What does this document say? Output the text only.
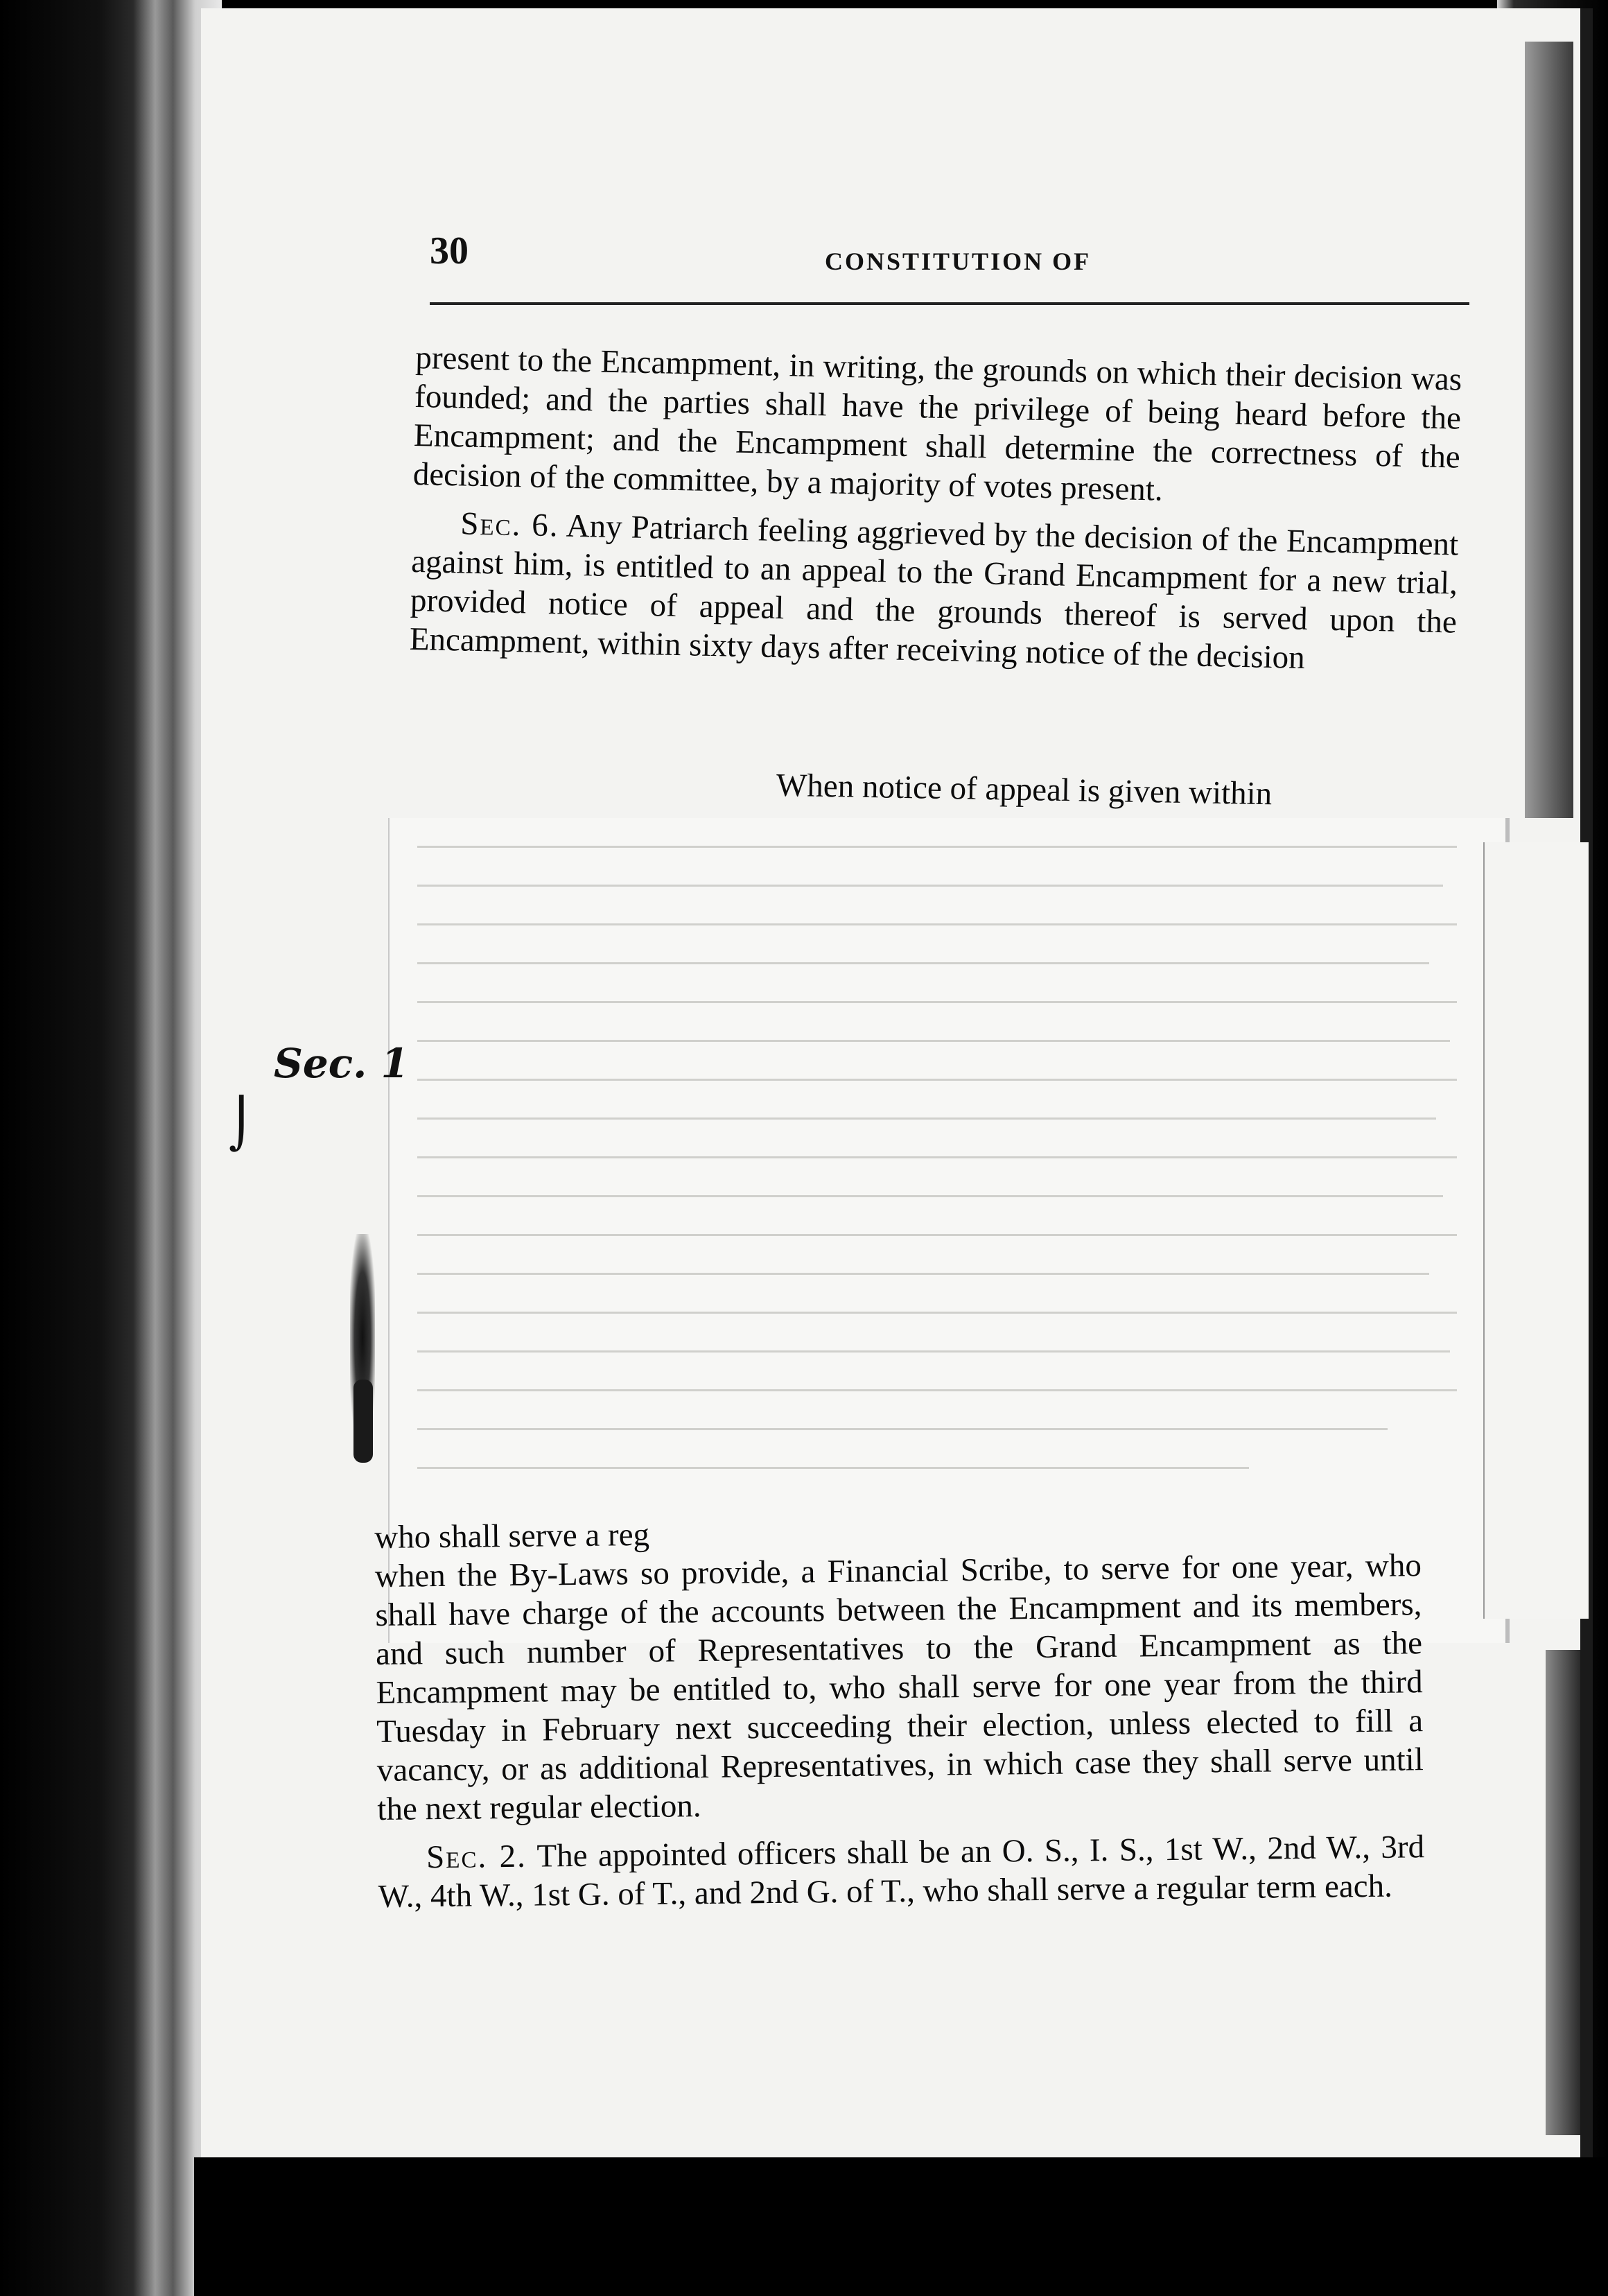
30	CONSTITUTION OF

present to the Encampment, in writing, the grounds on which their decision was founded; and the parties shall have the privilege of being heard before the Encampment; and the Encampment shall determine the correctness of the decision of the committee, by a majority of votes present.

Sec. 6. Any Patriarch feeling aggrieved by the decision of the Encampment against him, is entitled to an appeal to the Grand Encampment for a new trial, provided notice of appeal and the grounds thereof is served upon the Encampment, within sixty days after receiving notice of the decision

When notice of appeal is given within
Sec. 1
⌡

who shall serve a reg

when the By-Laws so provide, a Financial Scribe, to serve for one year, who shall have charge of the accounts between the Encampment and its members, and such number of Representatives to the Grand Encampment as the Encampment may be entitled to, who shall serve for one year from the third Tuesday in February next succeeding their election, unless elected to fill a vacancy, or as additional Representatives, in which case they shall serve until the next regular election.

Sec. 2. The appointed officers shall be an O. S., I. S., 1st W., 2nd W., 3rd W., 4th W., 1st G. of T., and 2nd G. of T., who shall serve a regular term each.
